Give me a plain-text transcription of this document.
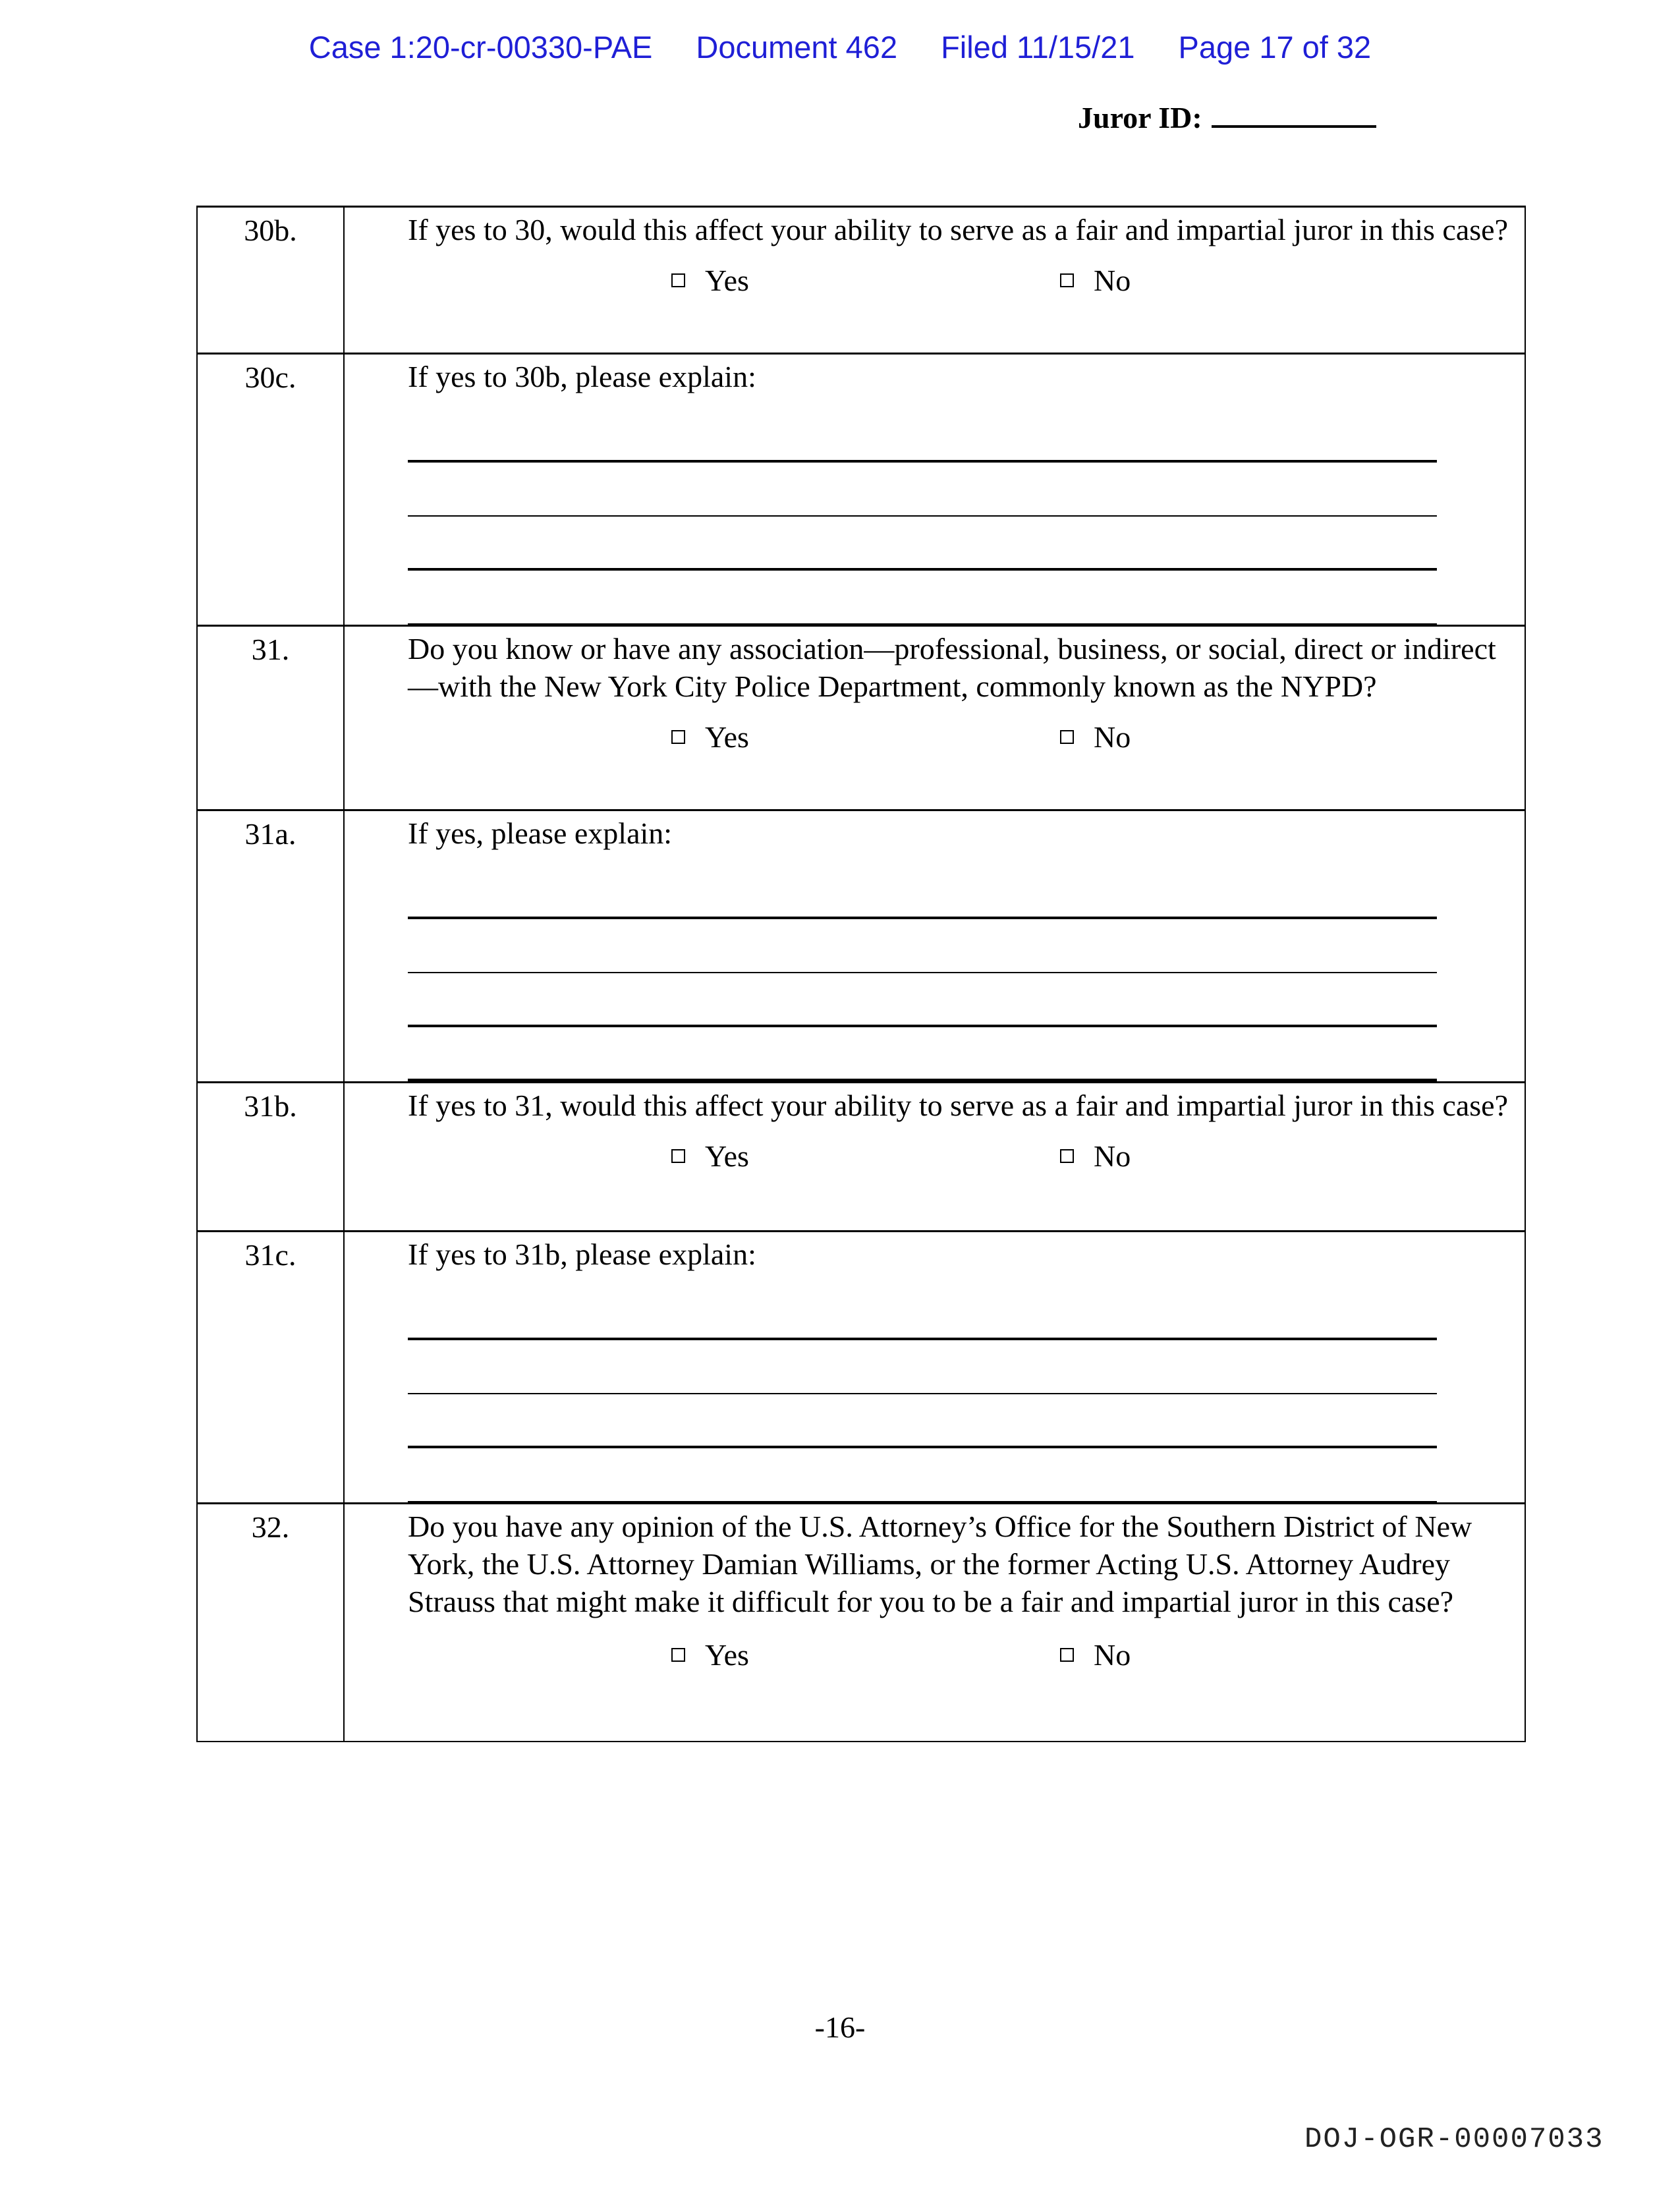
Case 1:20-cr-00330-PAE Document 462 Filed 11/15/21 Page 17 of 32
Juror ID:
30b.	If yes to 30, would this affect your ability to serve as a fair and impartial juror in this case?
Yes No

30c.	If yes to 30b, please explain:

31.	Do you know or have any association—professional, business, or social, direct or indirect—with the New York City Police Department, commonly known as the NYPD?
Yes No

31a.	If yes, please explain:

31b.	If yes to 31, would this affect your ability to serve as a fair and impartial juror in this case?
Yes No

31c.	If yes to 31b, please explain:

32.	Do you have any opinion of the U.S. Attorney’s Office for the Southern District of New York, the U.S. Attorney Damian Williams, or the former Acting U.S. Attorney Audrey Strauss that might make it difficult for you to be a fair and impartial juror in this case?
Yes No
-16-
DOJ-OGR-00007033
